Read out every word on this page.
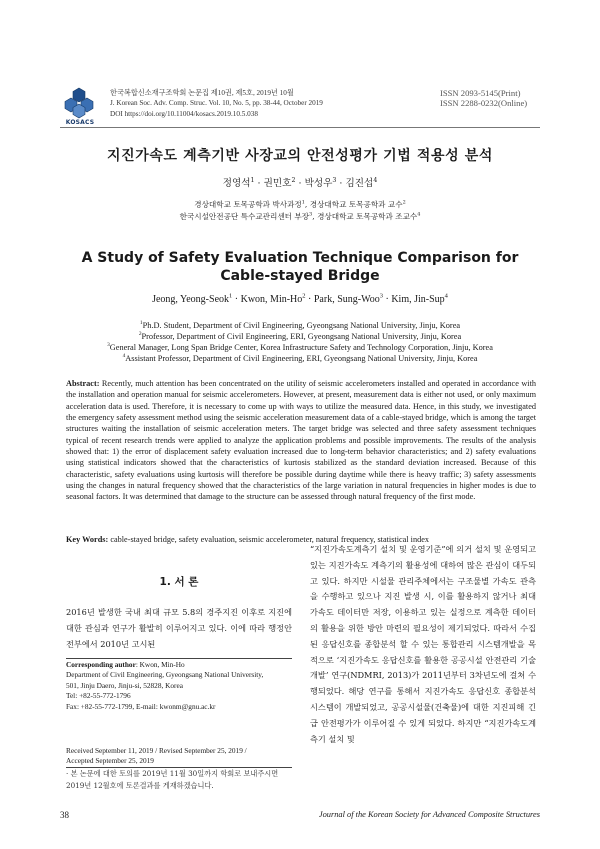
KOSACS
한국복합신소재구조학회 논문집 제10권, 제5호, 2019년 10월
J. Korean Soc. Adv. Comp. Struc. Vol. 10, No. 5, pp. 38-44, October 2019
DOI https://doi.org/10.11004/kosacs.2019.10.5.038
ISSN 2093-5145(Print)
ISSN 2288-0232(Online)
지진가속도 계측기반 사장교의 안전성평가 기법 적용성 분석
정영석$^1$ · 권민호$^2$ · 박성우$^3$ · 김진섭$^4$
경상대학교 토목공학과 박사과정$^1$, 경상대학교 토목공학과 교수$^2$
한국시설안전공단 특수교관리센터 부장$^3$, 경상대학교 토목공학과 조교수$^4$
A Study of Safety Evaluation Technique Comparison for
Cable-stayed Bridge
Jeong, Yeong-Seok$^1$ · Kwon, Min-$Ho^2$ · Park, Sung-Woo$^3$ · Kim, Jin-Sup$^4$
$^1$Ph.D. Student, Department of Civil Engineering, Gyeongsang National University, Jinju, Korea
$^2$Professor, Department of Civil Engineering, ERI, Gyeongsang National University, Jinju, Korea
$^3$General Manager, Long Span Bridge Center, Korea Infrastructure Safety and Technology Corporation, Jinju, Korea
$^4$Assistant Professor, Department of Civil Engineering, ERI, Gyeongsang National University, Jinju, Korea
Abstract: Recently, much attention has been concentrated on the utility of seismic accelerometers installed and operated in accordance with the installation and operation manual for seismic accelerometers. However, at present, measurement data is either not used, or only maximum acceleration data is used. Therefore, it is necessary to come up with ways to utilize the measured data. Hence, in this study, we investigated the emergency safety assessment method using the seismic acceleration measurement data of a cable-stayed bridge, which is among the target structures waiting the installation of seismic acceleration meters. The target bridge was selected and three safety assessment techniques typical of recent research trends were applied to analyze the application problems and possible improvements. The results of the analysis showed that: 1) the error of displacement safety evaluation increased due to long-term behavior characteristics; and 2) safety evaluations using statistical indicators showed that the characteristics of kurtosis stabilized as the standard deviation increased. Because of this characteristic, safety evaluations using kurtosis will therefore be possible during daytime while there is heavy traffic; 3) safety assessments using the changes in natural frequency showed that the characteristics of the large variation in natural frequencies in higher modes is due to seasonal factors. It was determined that damage to the structure can be assessed through natural frequency of the first mode.
Key Words: cable-stayed bridge, safety evaluation, seismic accelerometer, natural frequency, statistical index
1. 서 론
2016년 발생한 국내 최대 규모 5.8의 경주지진 이후로 지진에 대한 관심과 연구가 활발히 이루어지고 있다. 이에 따라 행정안전부에서 2010년 고시된
Corresponding author: Kwon, Min-Ho
Department of Civil Engineering, Gyeongsang National University,
501, Jinju Daero, Jinju-si, 52828, Korea
Tel: +82-55-772-1796
Fax: +82-55-772-1799, E-mail: kwonm@gnu.ac.kr
Received September 11, 2019 / Revised September 25, 2019 /
Accepted September 25, 2019
· 본 논문에 대한 토의를 2019년 11월 30일까지 학회로 보내주시면 2019년 12월호에 토론결과를 게재하겠습니다.
“지진가속도계측기 설치 및 운영기준”에 의거 설치 및 운영되고 있는 지진가속도 계측기의 활용성에 대하여 많은 관심이 대두되고 있다. 하지만 시설물 관리주체에서는 구조물별 가속도 관측을 수행하고 있으나 지진 발생 시, 이를 활용하지 않거나 최대 가속도 데이터만 저장, 이용하고 있는 실정으로 계측한 데이터의 활용을 위한 방안 마련의 필요성이 제기되었다. 따라서 수집된 응답신호를 종합분석 할 수 있는 통합관리 시스템개발을 목적으로 ‘지진가속도 응답신호를 활용한 공공시설 안전관리 기술개발’ 연구(NDMRI, 2013)가 2011년부터 3차년도에 걸쳐 수행되었다. 해당 연구를 통해서 지진가속도 응답신호 종합분석 시스템이 개발되었고, 공공시설물(건축물)에 대한 지진피해 긴급 안전평가가 이루어질 수 있게 되었다. 하지만 “지진가속도계측기 설치 및
38	Journal of the Korean Society for Advanced Composite Structures
